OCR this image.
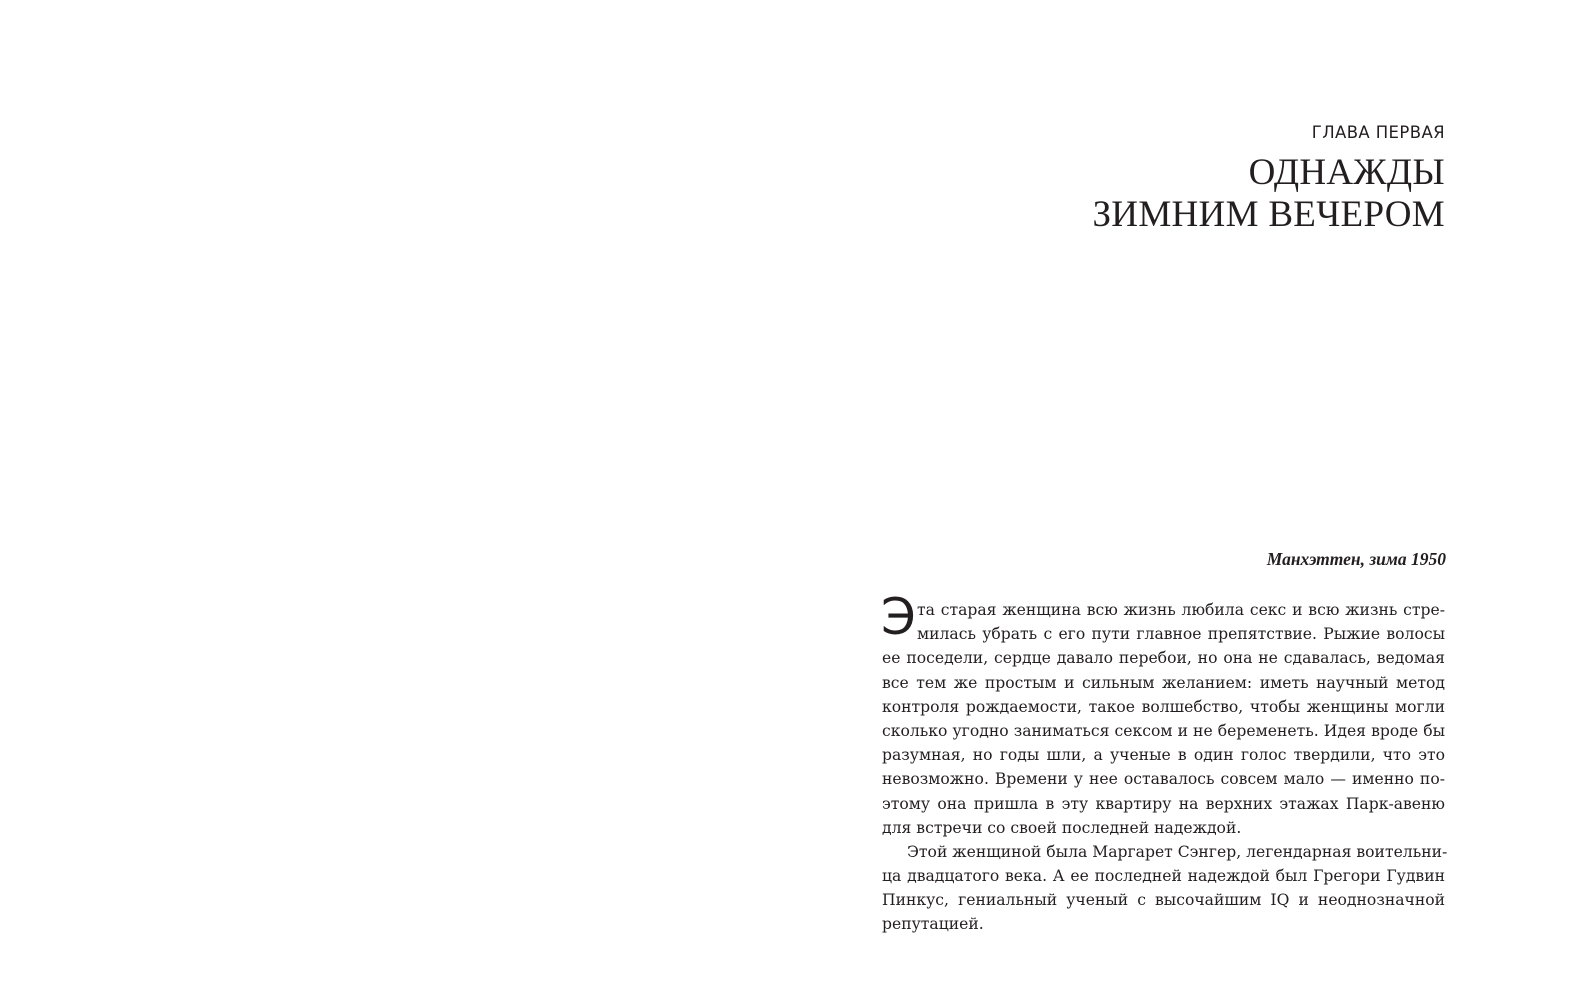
ГЛАВА ПЕРВАЯ
ОДНАЖДЫ
ЗИМНИМ ВЕЧЕРОМ
Манхэттен, зима 1950
Э та старая женщина всю жизнь любила секс и всю жизнь стре-
милась убрать с его пути главное препятствие. Рыжие волосы
ее поседели, сердце давало перебои, но она не сдавалась, ведомая
все тем же простым и сильным желанием: иметь научный метод
контроля рождаемости, такое волшебство, чтобы женщины могли
сколько угодно заниматься сексом и не беременеть. Идея вроде бы
разумная, но годы шли, а ученые в один голос твердили, что это
невозможно. Времени у нее оставалось совсем мало — именно по-
этому она пришла в эту квартиру на верхних этажах Парк-авеню
для встречи со своей последней надеждой.
Этой женщиной была Маргарет Сэнгер, легендарная воительни-
ца двадцатого века. А ее последней надеждой был Грегори Гудвин
Пинкус, гениальный ученый с высочайшим IQ и неоднозначной
репутацией.
